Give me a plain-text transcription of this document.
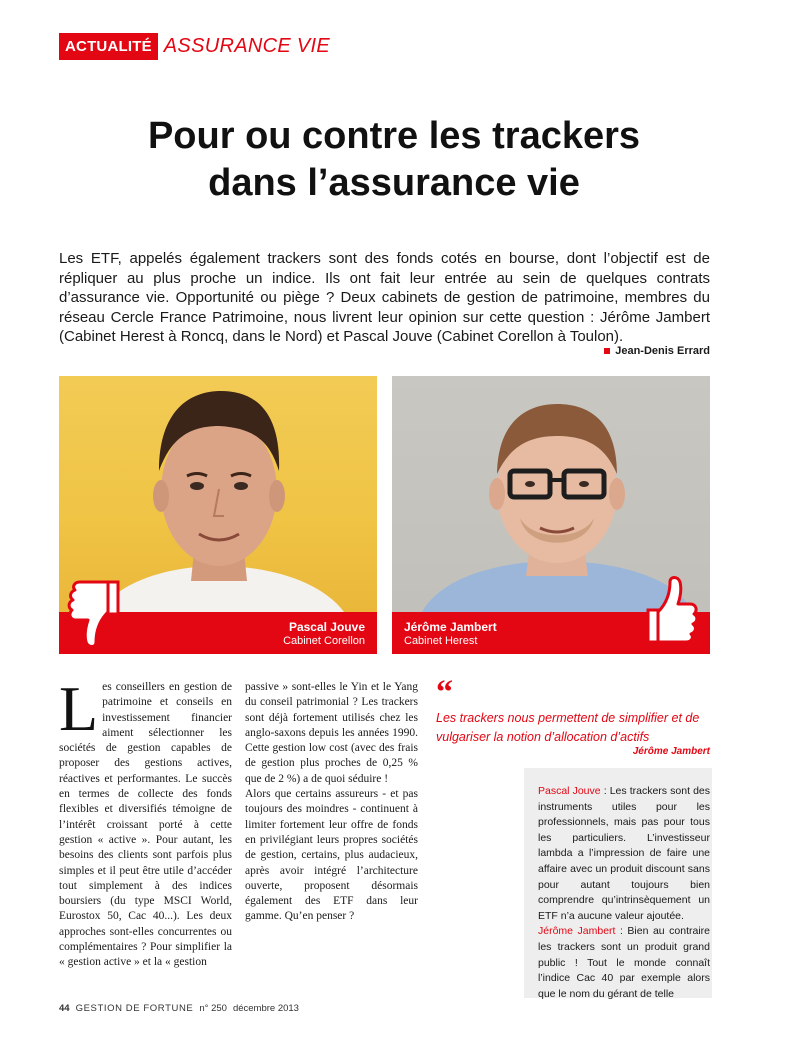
ACTUALITÉ ASSURANCE VIE
Pour ou contre les trackers
dans l’assurance vie
Les ETF, appelés également trackers sont des fonds cotés en bourse, dont l’objectif est de répliquer au plus proche un indice. Ils ont fait leur entrée au sein de quelques contrats d’assurance vie. Opportunité ou piège ? Deux cabinets de gestion de patrimoine, membres du réseau Cercle France Patrimoine, nous livrent leur opinion sur cette question : Jérôme Jambert (Cabinet Herest à Roncq, dans le Nord) et Pascal Jouve (Cabinet Corellon à Toulon).
Jean-Denis Errard
Pascal Jouve
Cabinet Corellon
Jérôme Jambert
Cabinet Herest
L es conseillers en gestion de patrimoine et conseils en investissement financier aiment sélectionner les sociétés de gestion capables de proposer des gestions actives, réactives et performantes. Le succès en termes de collecte des fonds flexibles et diversifiés témoigne de l’intérêt croissant porté à cette gestion « active ». Pour autant, les besoins des clients sont parfois plus simples et il peut être utile d’accéder tout simplement à des indices boursiers (du type MSCI World, Eurostox 50, Cac 40...). Les deux approches sont-elles concurrentes ou complémentaires ? Pour simplifier la « gestion active » et la « gestion

passive » sont-elles le Yin et le Yang du conseil patrimonial ? Les trackers sont déjà fortement utilisés chez les anglo-saxons depuis les années 1990. Cette gestion low cost (avec des frais de gestion plus proches de 0,25 % que de 2 %) a de quoi séduire !

Alors que certains assureurs - et pas toujours des moindres - continuent à limiter fortement leur offre de fonds en privilégiant leurs propres sociétés de gestion, certains, plus audacieux, après avoir intégré l’architecture ouverte, proposent désormais également des ETF dans leur gamme. Qu’en penser ?

“
Les trackers nous permettent de simplifier et de vulgariser la notion d’allocation d’actifs
Jérôme Jambert

Pascal Jouve : Les trackers sont des instruments utiles pour les professionnels, mais pas pour tous les particuliers. L’investisseur lambda a l’impression de faire une affaire avec un produit discount sans pour autant toujours bien comprendre qu’intrinsèquement un ETF n’a aucune valeur ajoutée.

Jérôme Jambert : Bien au contraire les trackers sont un produit grand public ! Tout le monde connaît l’indice Cac 40 par exemple alors que le nom du gérant de telle

44 GESTION DE FORTUNE n° 250 décembre 2013
